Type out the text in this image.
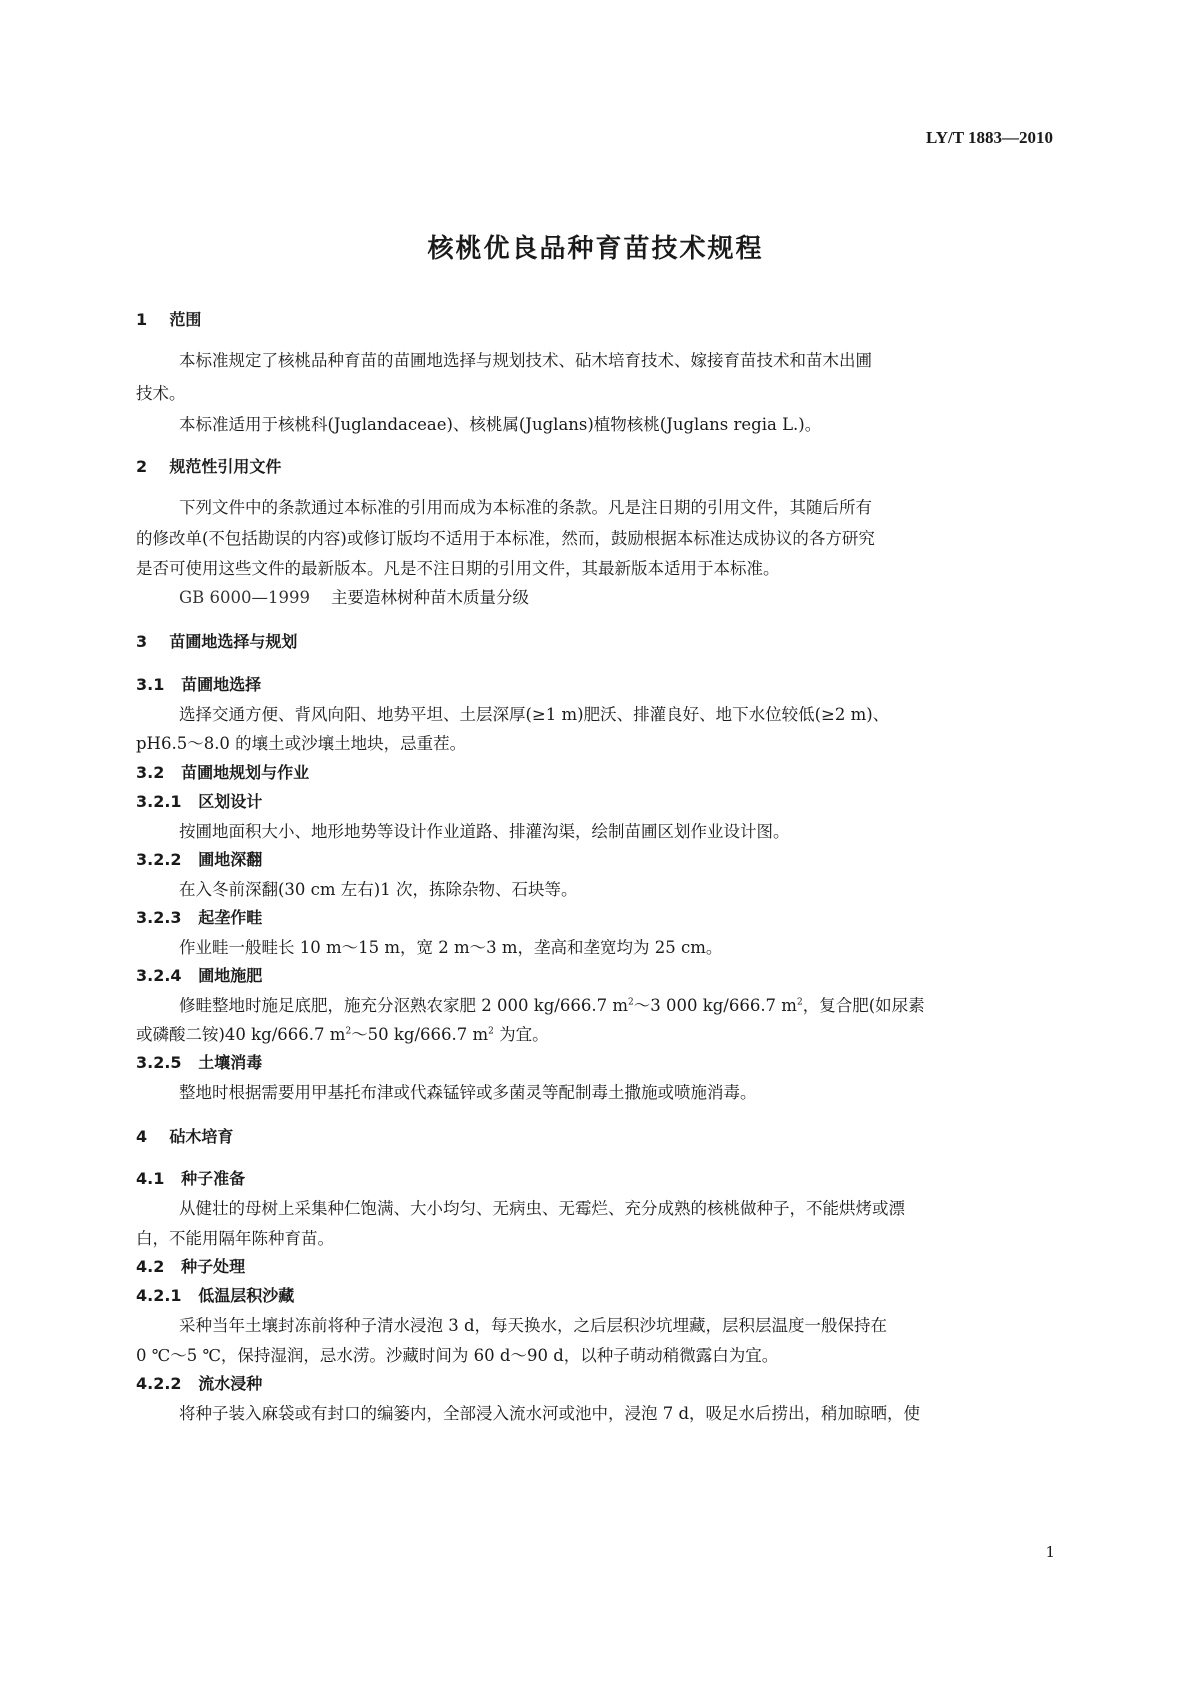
LY/T 1883—2010
核桃优良品种育苗技术规程
1 范围
本标准规定了核桃品种育苗的苗圃地选择与规划技术、砧木培育技术、嫁接育苗技术和苗木出圃
技术。
本标准适用于核桃科(Juglandaceae)、核桃属(Juglans)植物核桃(Juglans regia L.)。
2 规范性引用文件
下列文件中的条款通过本标准的引用而成为本标准的条款。凡是注日期的引用文件，其随后所有
的修改单(不包括勘误的内容)或修订版均不适用于本标准，然而，鼓励根据本标准达成协议的各方研究
是否可使用这些文件的最新版本。凡是不注日期的引用文件，其最新版本适用于本标准。
GB 6000—1999 主要造林树种苗木质量分级
3 苗圃地选择与规划
3.1 苗圃地选择
选择交通方便、背风向阳、地势平坦、土层深厚(≥1 m)肥沃、排灌良好、地下水位较低(≥2 m)、
pH6.5～8.0 的壤土或沙壤土地块，忌重茬。
3.2 苗圃地规划与作业
3.2.1 区划设计
按圃地面积大小、地形地势等设计作业道路、排灌沟渠，绘制苗圃区划作业设计图。
3.2.2 圃地深翻
在入冬前深翻(30 cm 左右)1 次，拣除杂物、石块等。
3.2.3 起垄作畦
作业畦一般畦长 10 m～15 m，宽 2 m～3 m，垄高和垄宽均为 25 cm。
3.2.4 圃地施肥
修畦整地时施足底肥，施充分沤熟农家肥 2 000 kg/666.7 $m^2\sim 3$ 000 kg/666.7 $m^2$，复合肥(如尿素
或磷酸二铵)40 kg/666.7 $m^2\sim 50$ kg/666.7 $m^2$ 为宜。
3.2.5 土壤消毒
整地时根据需要用甲基托布津或代森锰锌或多菌灵等配制毒土撒施或喷施消毒。
4 砧木培育
4.1 种子准备
从健壮的母树上采集种仁饱满、大小均匀、无病虫、无霉烂、充分成熟的核桃做种子，不能烘烤或漂
白，不能用隔年陈种育苗。
4.2 种子处理
4.2.1 低温层积沙藏
采种当年土壤封冻前将种子清水浸泡 3 d，每天换水，之后层积沙坑埋藏，层积层温度一般保持在
0 ℃～5 ℃，保持湿润，忌水涝。沙藏时间为 60 d～90 d，以种子萌动稍微露白为宜。
4.2.2 流水浸种
将种子装入麻袋或有封口的编篓内，全部浸入流水河或池中，浸泡 7 d，吸足水后捞出，稍加晾晒，使
1
